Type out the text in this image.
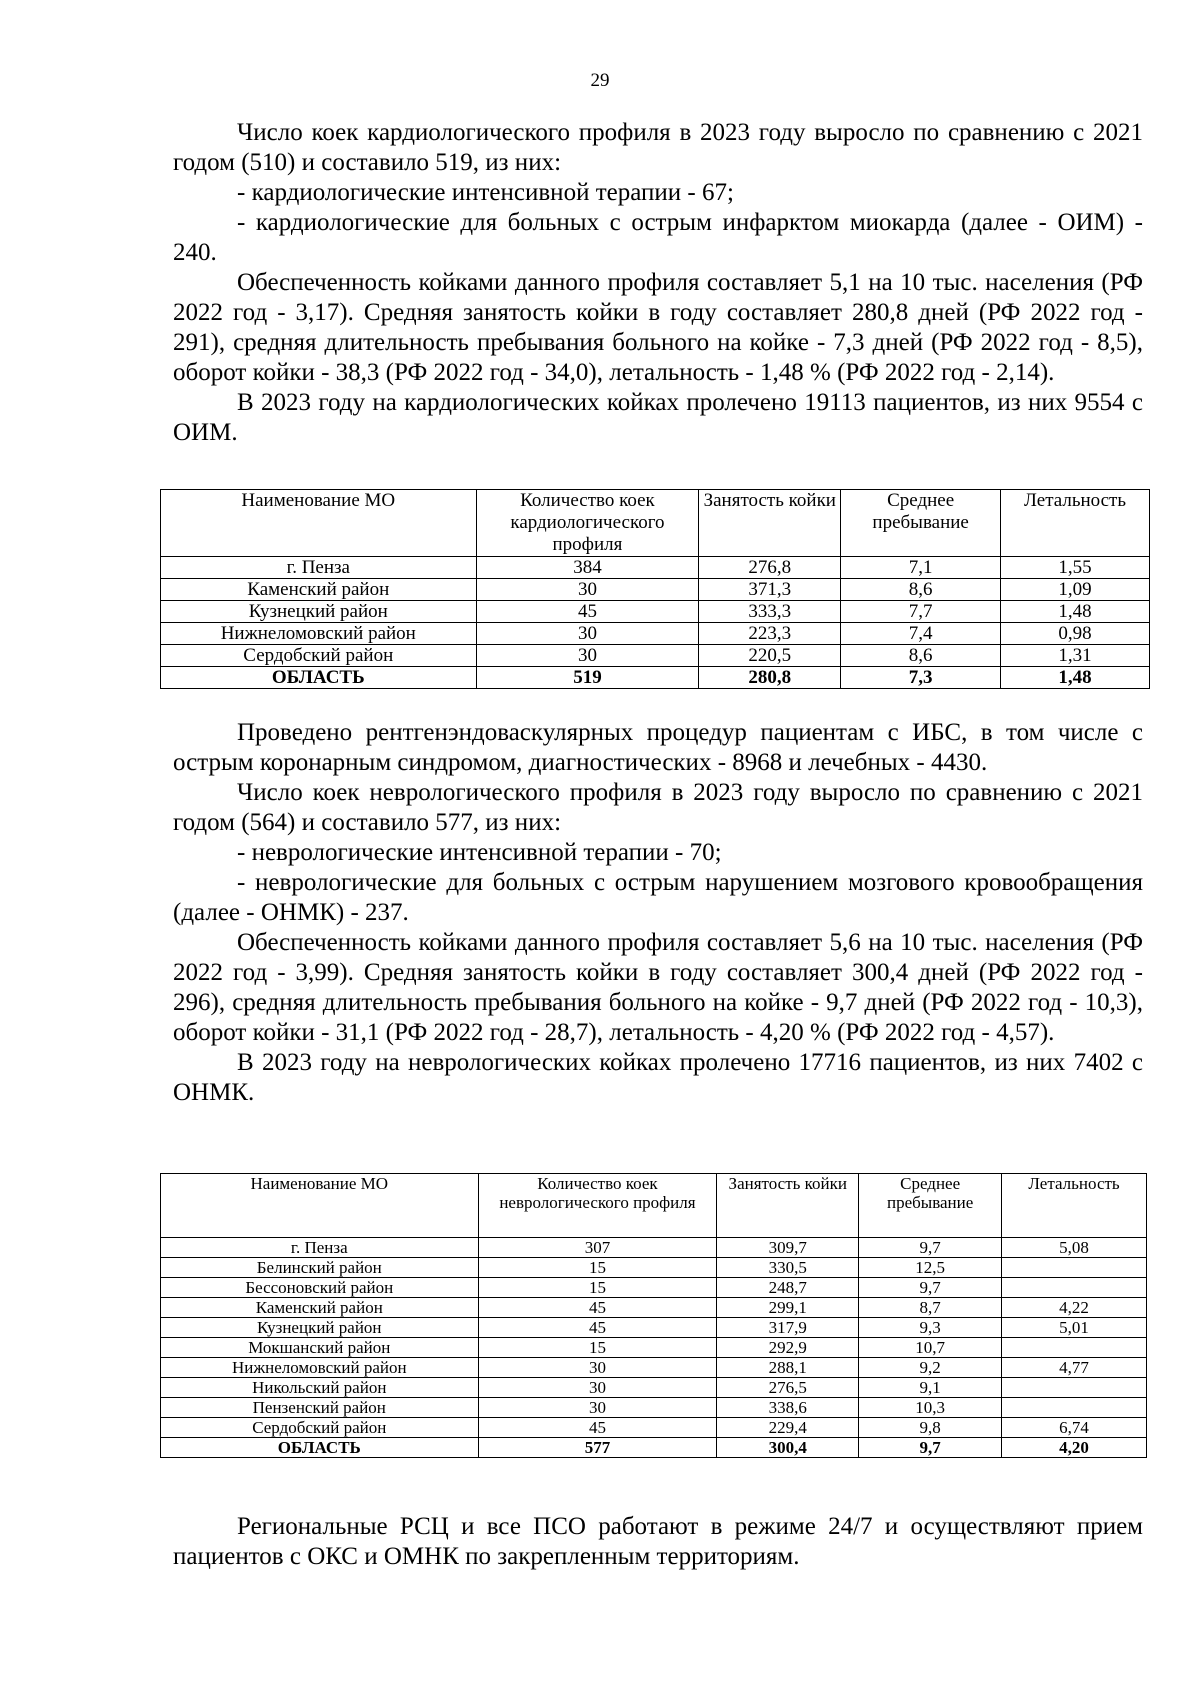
29

Число коек кардиологического профиля в 2023 году выросло по сравнению с 2021 годом (510) и составило 519, из них:

- кардиологические интенсивной терапии - 67;

- кардиологические для больных с острым инфарктом миокарда (далее - ОИМ) - 240.

Обеспеченность койками данного профиля составляет 5,1 на 10 тыс. населения (РФ 2022 год - 3,17). Средняя занятость койки в году составляет 280,8 дней (РФ 2022 год - 291), средняя длительность пребывания больного на койке - 7,3 дней (РФ 2022 год - 8,5), оборот койки - 38,3 (РФ 2022 год - 34,0), летальность - 1,48 % (РФ 2022 год - 2,14).

В 2023 году на кардиологических койках пролечено 19113 пациентов, из них 9554 с ОИМ.

Наименование МО	Количество коек кардиологического профиля	Занятость койки	Среднее пребывание	Летальность
г. Пенза	384	276,8	7,1	1,55
Каменский район	30	371,3	8,6	1,09
Кузнецкий район	45	333,3	7,7	1,48
Нижнеломовский район	30	223,3	7,4	0,98
Сердобский район	30	220,5	8,6	1,31
ОБЛАСТЬ	519	280,8	7,3	1,48

Проведено рентгенэндоваскулярных процедур пациентам с ИБС, в том числе с острым коронарным синдромом, диагностических - 8968 и лечебных - 4430.

Число коек неврологического профиля в 2023 году выросло по сравнению с 2021 годом (564) и составило 577, из них:

- неврологические интенсивной терапии - 70;

- неврологические для больных с острым нарушением мозгового кровообращения (далее - ОНМК) - 237.

Обеспеченность койками данного профиля составляет 5,6 на 10 тыс. населения (РФ 2022 год - 3,99). Средняя занятость койки в году составляет 300,4 дней (РФ 2022 год - 296), средняя длительность пребывания больного на койке - 9,7 дней (РФ 2022 год - 10,3), оборот койки - 31,1 (РФ 2022 год - 28,7), летальность - 4,20 % (РФ 2022 год - 4,57).

В 2023 году на неврологических койках пролечено 17716 пациентов, из них 7402 с ОНМК.

Наименование МО	Количество коек неврологического профиля	Занятость койки	Среднее пребывание	Летальность
г. Пенза	307	309,7	9,7	5,08
Белинский район	15	330,5	12,5	
Бессоновский район	15	248,7	9,7	
Каменский район	45	299,1	8,7	4,22
Кузнецкий район	45	317,9	9,3	5,01
Мокшанский район	15	292,9	10,7	
Нижнеломовский район	30	288,1	9,2	4,77
Никольский район	30	276,5	9,1	
Пензенский район	30	338,6	10,3	
Сердобский район	45	229,4	9,8	6,74
ОБЛАСТЬ	577	300,4	9,7	4,20

Региональные РСЦ и все ПСО работают в режиме 24/7 и осуществляют прием пациентов с ОКС и ОМНК по закрепленным территориям.
